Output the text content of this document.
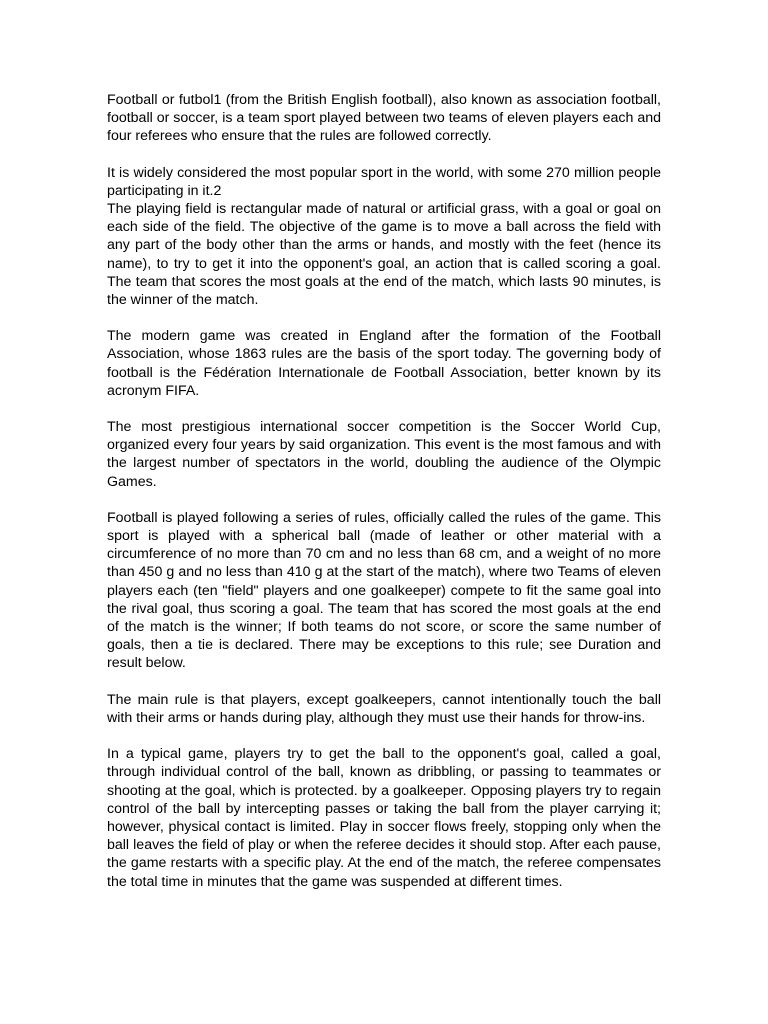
Football or futbol1 (from the British English football), also known as association football, football or soccer, is a team sport played between two teams of eleven players each and four referees who ensure that the rules are followed correctly.

It is widely considered the most popular sport in the world, with some 270 million people participating in it.2

The playing field is rectangular made of natural or artificial grass, with a goal or goal on each side of the field. The objective of the game is to move a ball across the field with any part of the body other than the arms or hands, and mostly with the feet (hence its name), to try to get it into the opponent's goal, an action that is called scoring a goal. The team that scores the most goals at the end of the match, which lasts 90 minutes, is the winner of the match.

The modern game was created in England after the formation of the Football Association, whose 1863 rules are the basis of the sport today. The governing body of football is the Fédération Internationale de Football Association, better known by its acronym FIFA.

The most prestigious international soccer competition is the Soccer World Cup, organized every four years by said organization. This event is the most famous and with the largest number of spectators in the world, doubling the audience of the Olympic Games.

Football is played following a series of rules, officially called the rules of the game. This sport is played with a spherical ball (made of leather or other material with a circumference of no more than 70 cm and no less than 68 cm, and a weight of no more than 450 g and no less than 410 g at the start of the match), where two Teams of eleven players each (ten "field" players and one goalkeeper) compete to fit the same goal into the rival goal, thus scoring a goal. The team that has scored the most goals at the end of the match is the winner; If both teams do not score, or score the same number of goals, then a tie is declared. There may be exceptions to this rule; see Duration and result below.

The main rule is that players, except goalkeepers, cannot intentionally touch the ball with their arms or hands during play, although they must use their hands for throw-ins.

In a typical game, players try to get the ball to the opponent's goal, called a goal, through individual control of the ball, known as dribbling, or passing to teammates or shooting at the goal, which is protected. by a goalkeeper. Opposing players try to regain control of the ball by intercepting passes or taking the ball from the player carrying it; however, physical contact is limited. Play in soccer flows freely, stopping only when the ball leaves the field of play or when the referee decides it should stop. After each pause, the game restarts with a specific play. At the end of the match, the referee compensates the total time in minutes that the game was suspended at different times.
